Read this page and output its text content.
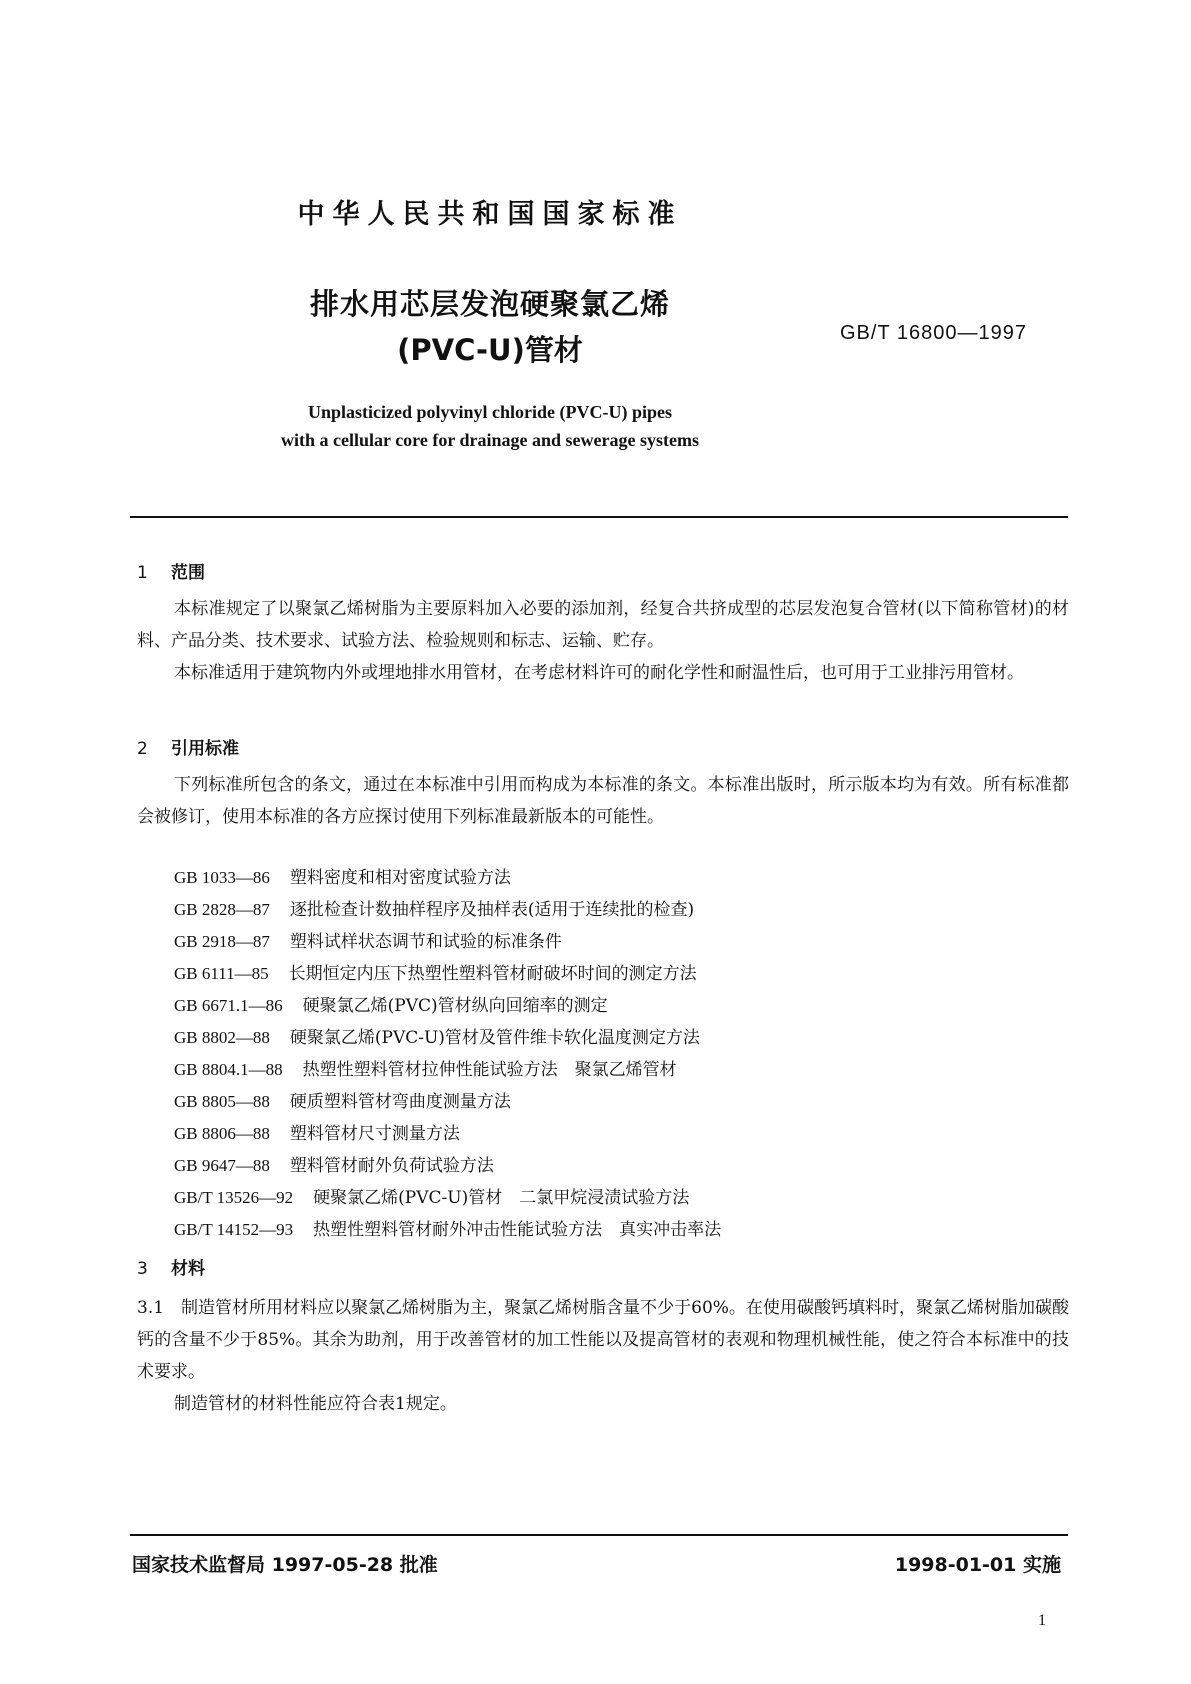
中华人民共和国国家标准
排水用芯层发泡硬聚氯乙烯
(PVC-U)管材	GB/T 16800—1997
Unplasticized polyvinyl chloride (PVC-U) pipes
with a cellular core for drainage and sewerage systems
1 范围
本标准规定了以聚氯乙烯树脂为主要原料加入必要的添加剂，经复合共挤成型的芯层发泡复合管材(以下简称管材)的材料、产品分类、技术要求、试验方法、检验规则和标志、运输、贮存。
本标准适用于建筑物内外或埋地排水用管材，在考虑材料许可的耐化学性和耐温性后，也可用于工业排污用管材。
2 引用标准
下列标准所包含的条文，通过在本标准中引用而构成为本标准的条文。本标准出版时，所示版本均为有效。所有标准都会被修订，使用本标准的各方应探讨使用下列标准最新版本的可能性。
GB 1033—86 塑料密度和相对密度试验方法
GB 2828—87 逐批检查计数抽样程序及抽样表(适用于连续批的检查)
GB 2918—87 塑料试样状态调节和试验的标准条件
GB 6111—85 长期恒定内压下热塑性塑料管材耐破坏时间的测定方法
GB 6671.1—86 硬聚氯乙烯(PVC)管材纵向回缩率的测定
GB 8802—88 硬聚氯乙烯(PVC-U)管材及管件维卡软化温度测定方法
GB 8804.1—88 热塑性塑料管材拉伸性能试验方法　聚氯乙烯管材
GB 8805—88 硬质塑料管材弯曲度测量方法
GB 8806—88 塑料管材尺寸测量方法
GB 9647—88 塑料管材耐外负荷试验方法
GB/T 13526—92 硬聚氯乙烯(PVC-U)管材　二氯甲烷浸渍试验方法
GB/T 14152—93 热塑性塑料管材耐外冲击性能试验方法　真实冲击率法
3 材料
3.1　制造管材所用材料应以聚氯乙烯树脂为主，聚氯乙烯树脂含量不少于60%。在使用碳酸钙填料时，聚氯乙烯树脂加碳酸钙的含量不少于85%。其余为助剂，用于改善管材的加工性能以及提高管材的表观和物理机械性能，使之符合本标准中的技术要求。
制造管材的材料性能应符合表1规定。
国家技术监督局 1997-05-28 批准	1998-01-01 实施
1
